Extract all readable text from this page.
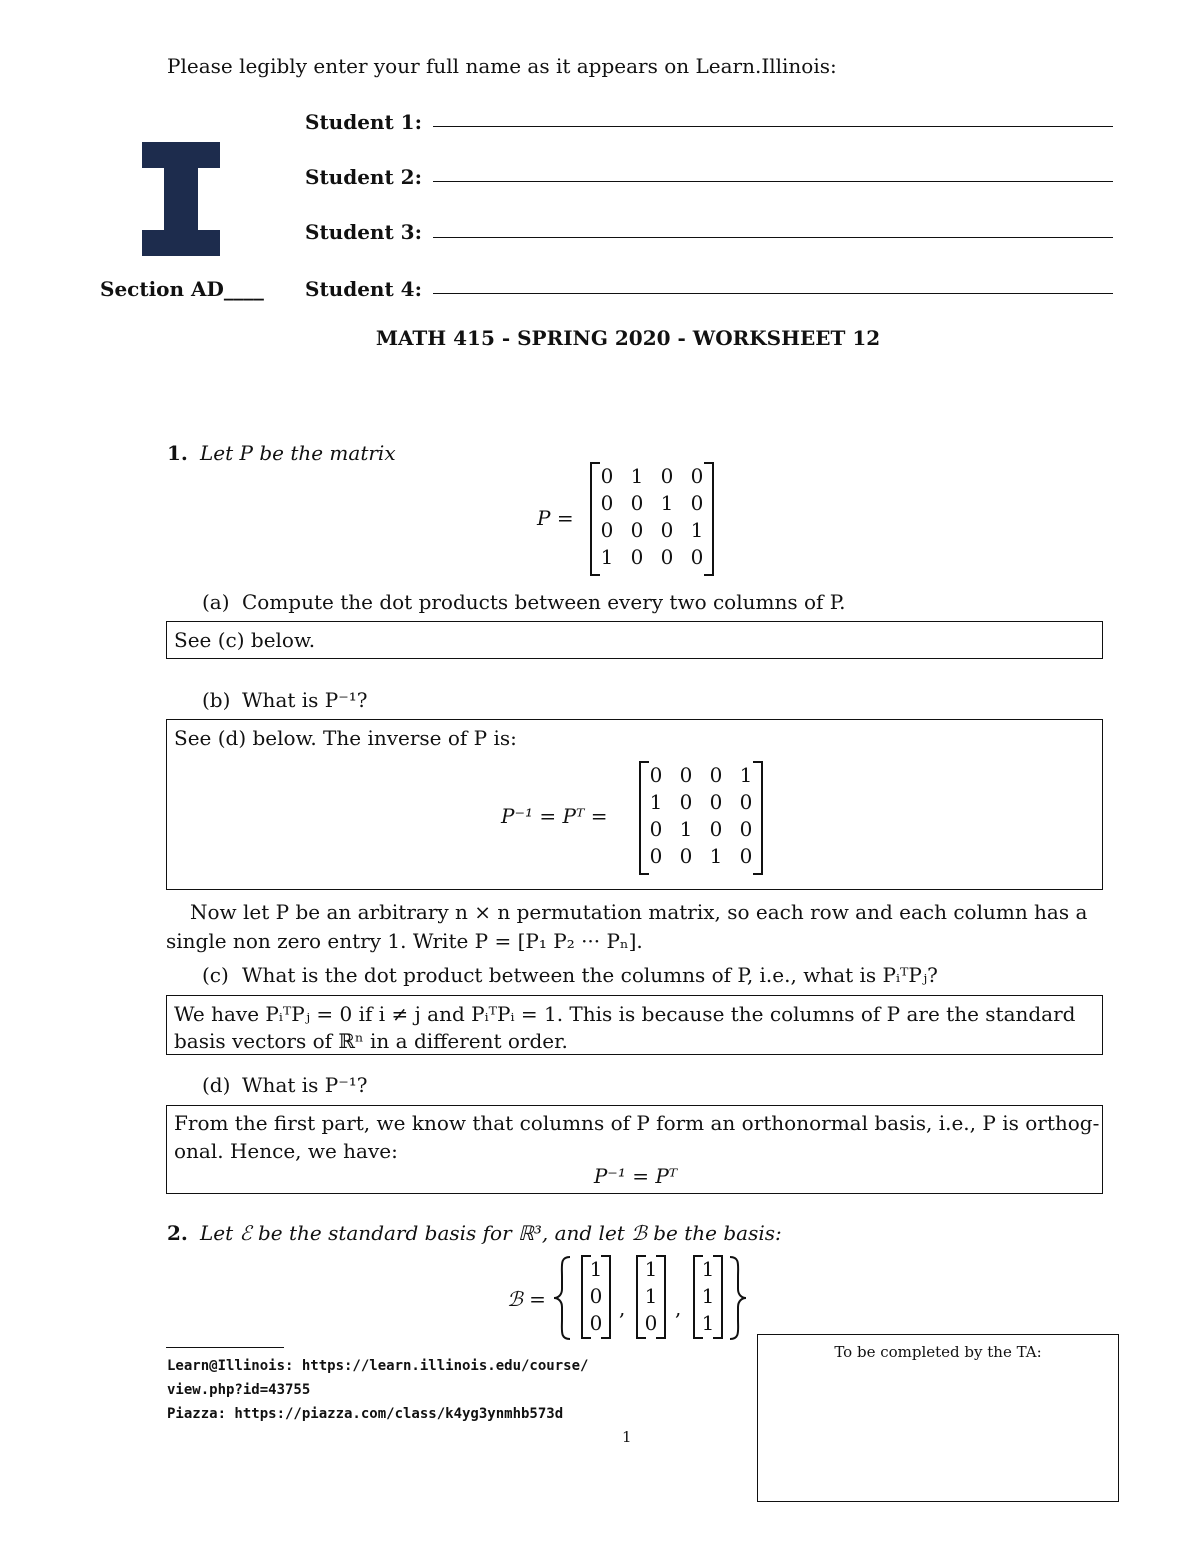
Please legibly enter your full name as it appears on Learn.Illinois:
Student 1:
Student 2:
Student 3:
Section AD____ Student 4:
MATH 415 - SPRING 2020 - WORKSHEET 12
1. Let P be the matrix
P =
0 1 0 0
0 0 1 0
0 0 0 1
1 0 0 0
(a) Compute the dot products between every two columns of P.
See (c) below.
(b) What is P⁻¹?
See (d) below. The inverse of P is:
P⁻¹ = Pᵀ =
0 0 0 1
1 0 0 0
0 1 0 0
0 0 1 0
Now let P be an arbitrary n × n permutation matrix, so each row and each column has a
single non zero entry 1. Write P = [P₁ P₂ ··· Pₙ].
(c) What is the dot product between the columns of P, i.e., what is PᵢᵀPⱼ?
We have PᵢᵀPⱼ = 0 if i ≠ j and PᵢᵀPᵢ = 1. This is because the columns of P are the standard
basis vectors of ℝⁿ in a different order.
(d) What is P⁻¹?
From the first part, we know that columns of P form an orthonormal basis, i.e., P is orthog-
onal. Hence, we have:
P⁻¹ = Pᵀ
2. Let ℰ be the standard basis for ℝ³, and let ℬ be the basis:
ℬ =
1
0
0
,
1
1
0
,
1
1
1
Learn@Illinois: https://learn.illinois.edu/course/
view.php?id=43755
Piazza: https://piazza.com/class/k4yg3ynmhb573d
1
To be completed by the TA:
